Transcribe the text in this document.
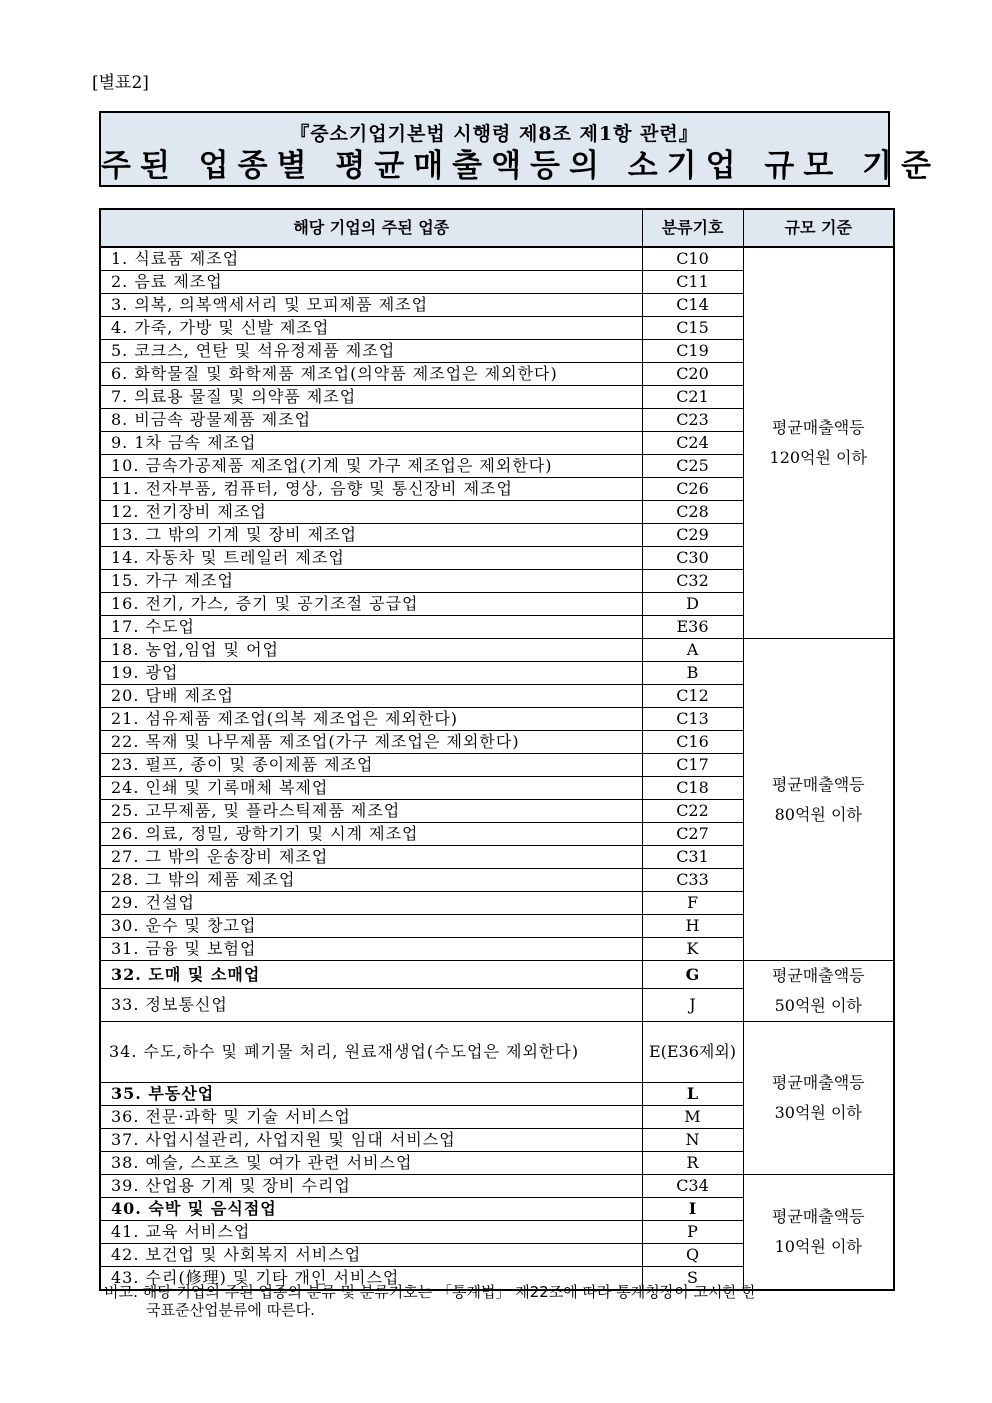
[별표2]
『중소기업기본법 시행령 제8조 제1항 관련』
주된 업종별 평균매출액등의 소기업 규모 기준
해당 기업의 주된 업종	분류기호	규모 기준
1. 식료품 제조업	C10	평균매출액등
120억원 이하
2. 음료 제조업	C11	
3. 의복, 의복액세서리 및 모피제품 제조업	C14	
4. 가죽, 가방 및 신발 제조업	C15	
5. 코크스, 연탄 및 석유정제품 제조업	C19	
6. 화학물질 및 화학제품 제조업(의약품 제조업은 제외한다)	C20	
7. 의료용 물질 및 의약품 제조업	C21	
8. 비금속 광물제품 제조업	C23	
9. 1차 금속 제조업	C24	
10. 금속가공제품 제조업(기계 및 가구 제조업은 제외한다)	C25	
11. 전자부품, 컴퓨터, 영상, 음향 및 통신장비 제조업	C26	
12. 전기장비 제조업	C28	
13. 그 밖의 기계 및 장비 제조업	C29	
14. 자동차 및 트레일러 제조업	C30	
15. 가구 제조업	C32	
16. 전기, 가스, 증기 및 공기조절 공급업	D	
17. 수도업	E36	
18. 농업,임업 및 어업	A	평균매출액등
80억원 이하
19. 광업	B	
20. 담배 제조업	C12	
21. 섬유제품 제조업(의복 제조업은 제외한다)	C13	
22. 목재 및 나무제품 제조업(가구 제조업은 제외한다)	C16	
23. 펄프, 종이 및 종이제품 제조업	C17	
24. 인쇄 및 기록매체 복제업	C18	
25. 고무제품, 및 플라스틱제품 제조업	C22	
26. 의료, 정밀, 광학기기 및 시계 제조업	C27	
27. 그 밖의 운송장비 제조업	C31	
28. 그 밖의 제품 제조업	C33	
29. 건설업	F	
30. 운수 및 창고업	H	
31. 금융 및 보험업	K	
32. 도매 및 소매업	G	평균매출액등
50억원 이하
33. 정보통신업	J	
34. 수도,하수 및 폐기물 처리, 원료재생업(수도업은 제외한다)	E(E36제외)	평균매출액등
30억원 이하
35. 부동산업	L	
36. 전문·과학 및 기술 서비스업	M	
37. 사업시설관리, 사업지원 및 임대 서비스업	N	
38. 예술, 스포츠 및 여가 관련 서비스업	R	
39. 산업용 기계 및 장비 수리업	C34	평균매출액등
10억원 이하
40. 숙박 및 음식점업	I	
41. 교육 서비스업	P	
42. 보건업 및 사회복지 서비스업	Q	
43. 수리(修理) 및 기타 개인 서비스업	S	
비고: 해당 기업의 주된 업종의 분류 및 분류기호는 「통계법」 제22조에 따라 통계청장이 고시한 한
국표준산업분류에 따른다.
